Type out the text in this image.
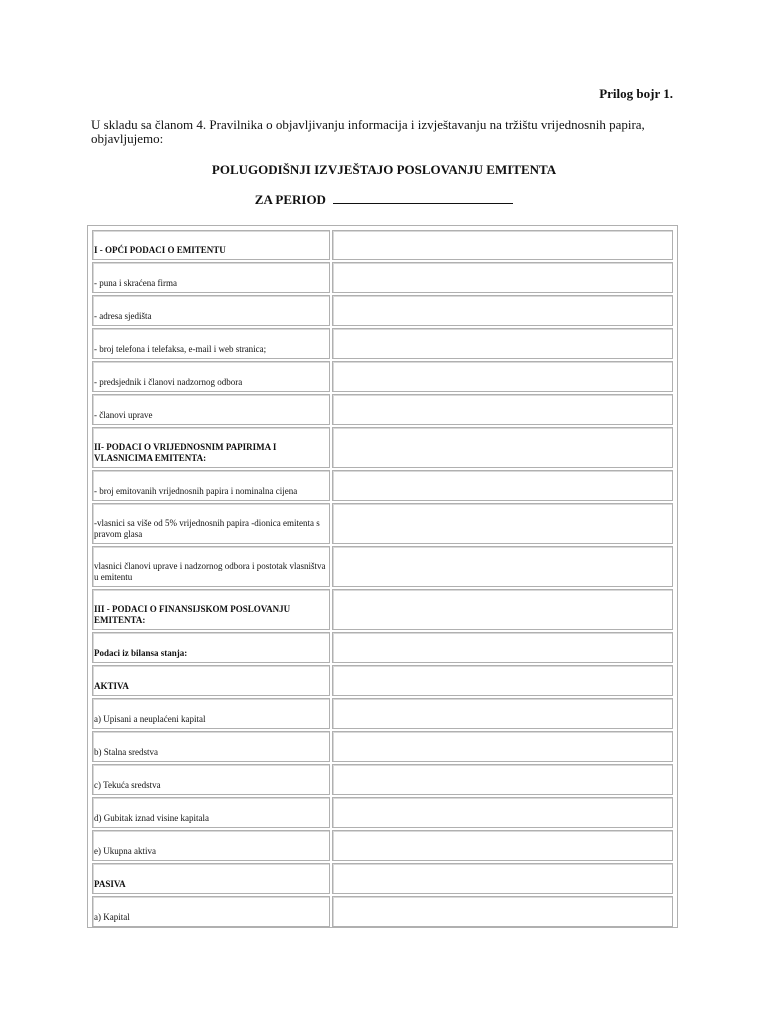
Prilog bojr 1.
U skladu sa članom 4. Pravilnika o objavljivanju informacija i izvještavanju na tržištu vrijednosnih papira, objavljujemo:
POLUGODIŠNJI IZVJEŠTAJO POSLOVANJU EMITENTA
ZA PERIOD
I - OPĆI PODACI O EMITENTU
- puna i skraćena firma
- adresa sjedišta
- broj telefona i telefaksa, e-mail i web stranica;
- predsjednik i članovi nadzornog odbora
- članovi uprave
II- PODACI O VRIJEDNOSNIM PAPIRIMA I VLASNICIMA EMITENTA:
- broj emitovanih vrijednosnih papira i nominalna cijena
-vlasnici sa više od 5% vrijednosnih papira -dionica emitenta s pravom glasa
vlasnici članovi uprave i nadzornog odbora i postotak vlasništva u emitentu
III - PODACI O FINANSIJSKOM POSLOVANJU EMITENTA:
Podaci iz bilansa stanja:
AKTIVA
a) Upisani a neuplaćeni kapital
b) Stalna sredstva
c) Tekuća sredstva
d) Gubitak iznad visine kapitala
e) Ukupna aktiva
PASIVA
a) Kapital
